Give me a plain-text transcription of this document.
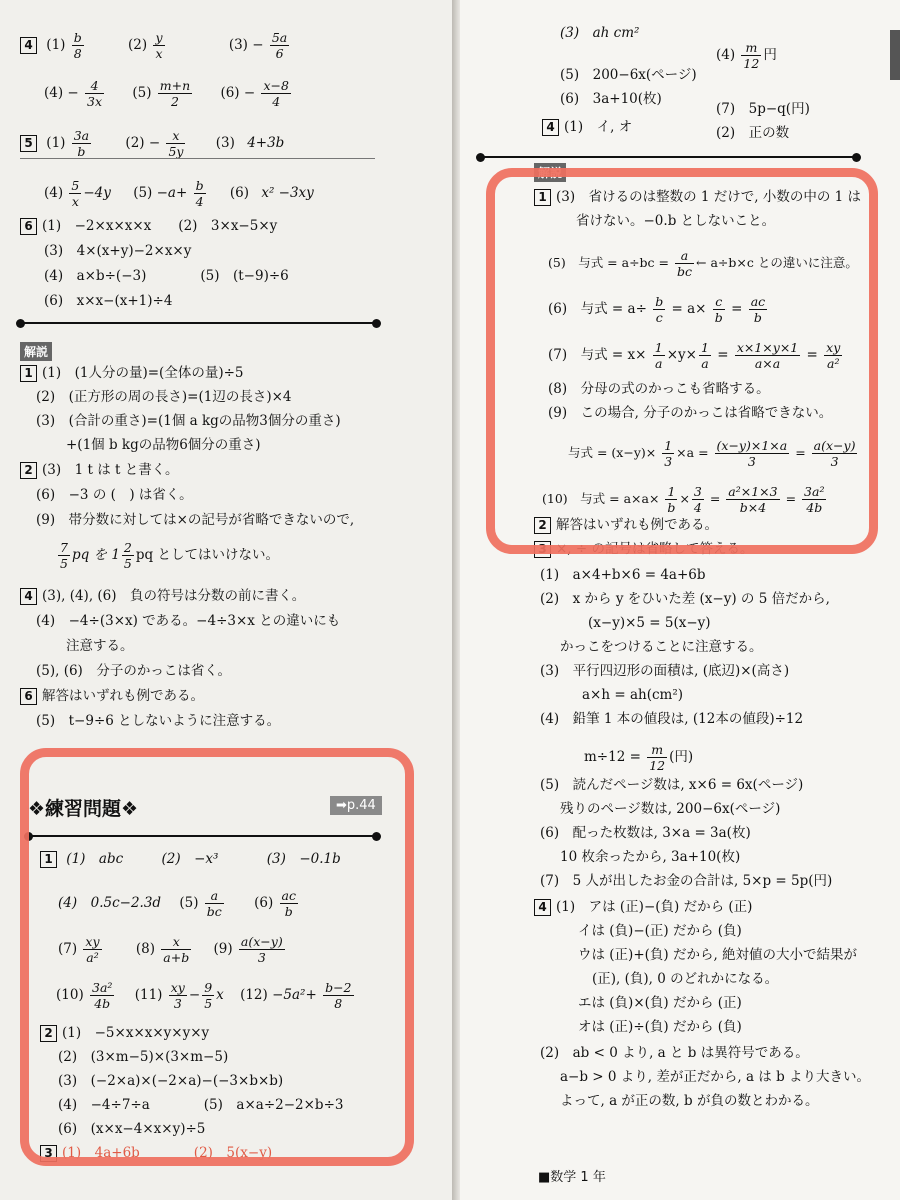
4 $(1) \frac{b}{8}$	$(2) \frac{y}{x}$	$(3) - \frac{5a}{6}$
$(4) - \frac{4}{3x} (5) \frac{m+n}{2} (6) - \frac{x-8}{4}$
5 $(1) \frac{3a}{b}$	$(2) - \frac{x}{5y} (3)$ 4+3b
$(4) \frac{5}{x} -4y$ $(5) -a+ \frac{b}{4} (6)$ x² −3xy
6 (1)　−2×x×x×x　　(2)　3×x−5×y
(3)　4×(x+y)−2×x×y
(4)　a×b÷(−3)　　　　(5)　(t−9)÷6
(6)　x×x−(x+1)÷4
解説
1 (1)　(1人分の量)=(全体の量)÷5
(2)　(正方形の周の長さ)=(1辺の長さ)×4
(3)　(合計の重さ)=(1個 a kgの品物3個分の重さ)
+(1個 b kgの品物6個分の重さ)
2 (3)　1 t は t と書く。
(6)　−3 の (　) は省く。
(9)　帯分数に対しては×の記号が省略できないので,
$\frac{7}{5}$ pq を $1 \frac{2}{5}$ pq としてはいけない。
4 (3), (4), (6)　負の符号は分数の前に書く。
(4)　−4÷(3×x) である。−4÷3×x との違いにも
注意する。
(5), (6)　分子のかっこは省く。
6 解答はいずれも例である。
(5)　t−9÷6 としないように注意する。
❖練習問題❖	➡p.44
1 (1)　abc	(2)　−x³	(3)　−0.1b
(4)　0.5c−2.3d $(5) \frac{a}{bc} (6) \frac{ac}{b}$
$(7) \frac{xy}{\text{a²}}$	$(8) \frac{x}{a+b} (9) \frac{a(x-y)}{3}$
$(10) \frac{\text{3a²}}{4b} (11) \frac{xy}{3} - \frac{9}{5}$ x $(12) -5a^2+ \frac{b-2}{8}$
2 (1)　−5×x×x×y×y×y
(2)　(3×m−5)×(3×m−5)
(3)　(−2×a)×(−2×a)−(−3×b×b)
(4)　−4÷7÷a　　　　(5)　a×a÷2−2×b÷3
(6)　(x×x−4×x×y)÷5
3 (1)　4a+6b　　　　(2)　5(x−y)
(3)　ah cm²
$(4) \frac{m}{12}$ 円
(5)　200−6x(ページ)
(6)　3a+10(枚)
(7)　5p−q(円)
4 (1)　イ, オ	(2)　正の数
解説
1 (3)　省けるのは整数の 1 だけで, 小数の中の 1 は
省けない。−0.b としないこと。
(5)　与式 = $a\div bc = \frac{a}{bc}$ ← a÷b×c との違いに注意。
(6)　与式 = $a\div \frac{b}{c} = a\times \frac{c}{b} = \frac{ac}{b}$
(7)　与式 = $x\times \frac{1}{a} \times y\times \frac{1}{a} = \frac{x\times 1\times y\times 1}{a\times a} = \frac{xy}{\text{a²}}$
(8)　分母の式のかっこも省略する。
(9)　この場合, 分子のかっこは省略できない。
与式 = $(x-y)\times \frac{1}{3} \times a = \frac{(x-y)\times 1\times a}{3} = \frac{a(x-y)}{3}$
(10)　与式 = $a\times a\times \frac{1}{b} \times \frac{3}{4} = \frac{\text{a²×1×3}}{b\times 4} = \frac{\text{3a²}}{4b}$
2 解答はいずれも例である。
3 ×, ÷ の記号は省略して答える。
(1)　a×4+b×6 = 4a+6b
(2)　x から y をひいた差 (x−y) の 5 倍だから,
(x−y)×5 = 5(x−y)
かっこをつけることに注意する。
(3)　平行四辺形の面積は, (底辺)×(高さ)
a×h = ah(cm²)
(4)　鉛筆 1 本の値段は, (12本の値段)÷12
$m\div 12 = \frac{m}{12}$ (円)
(5)　読んだページ数は, x×6 = 6x(ページ)
残りのページ数は, 200−6x(ページ)
(6)　配った枚数は, 3×a = 3a(枚)
10 枚余ったから, 3a+10(枚)
(7)　5 人が出したお金の合計は, 5×p = 5p(円)
4 (1)　アは (正)−(負) だから (正)
イは (負)−(正) だから (負)
ウは (正)+(負) だから, 絶対値の大小で結果が
(正), (負), 0 のどれかになる。
エは (負)×(負) だから (正)
オは (正)÷(負) だから (負)
(2)　ab < 0 より, a と b は異符号である。
a−b > 0 より, 差が正だから, a は b より大きい。
よって, a が正の数, b が負の数とわかる。
■数学 1 年
